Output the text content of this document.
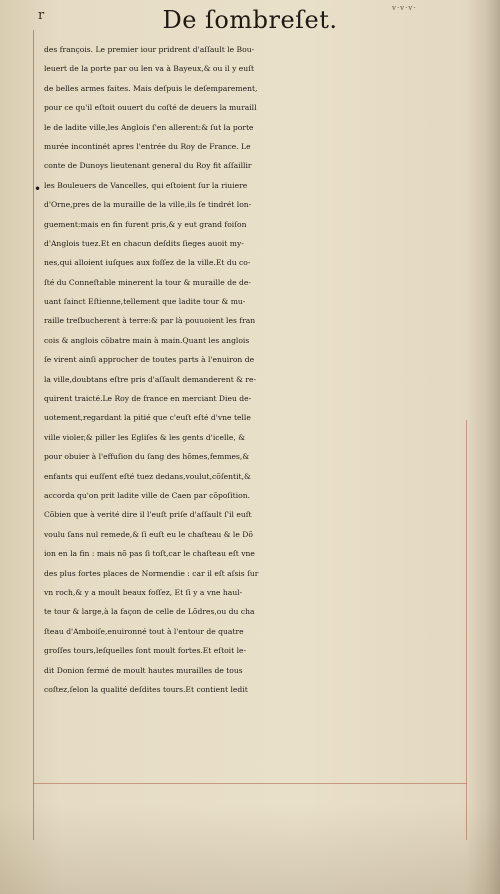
r	v·v·v·
De ſombreſet.
•
des françois. Le premier iour pridrent d'aſſault le Bou-
leuert de la porte par ou len va à Bayeux,& ou il y euſt
de belles armes faites. Mais deſpuis le deſemparement,
pour ce qu'il eſtoit ouuert du coſté de deuers la muraill
le de ladite ville,les Anglois ſ'en allerent:& ſut la porte
murée incontinét apres l'entrée du Roy de France. Le
conte de Dunoys lieutenant general du Roy fit aſſaillir
les Bouleuers de Vancelles, qui eſtoient ſur la riuiere
d'Orne,pres de la muraille de la ville,ils ſe tindrét lon-
guement:mais en fin furent pris,& y eut grand foiſon
d'Anglois tuez.Et en chacun deſdits ſieges auoit my-
nes,qui alloient iuſques aux foſſez de la ville.Et du co-
ſté du Conneſtable minerent la tour & muraille de de-
uant ſainct Eſtienne,tellement que ladite tour & mu-
raille treſbucherent à terre:& par là pouuoient les fran
cois & anglois cõbatre main à main.Quant les anglois
ſe virent ainſi approcher de toutes parts à l'enuiron de
la ville,doubtans eſtre pris d'aſſault demanderent & re-
quirent traicté.Le Roy de france en merciant Dieu de-
uotement,regardant la pitié que c'euſt eſté d'vne telle
ville violer,& piller les Egliſes & les gents d'icelle, &
pour obuier à l'effuſion du ſang des hõmes,femmes,&
enfants qui euſſent eſté tuez dedans,voulut,cõſentit,&
accorda qu'on prit ladite ville de Caen par cõpoſition.
Cõbien que à verité dire il l'euſt priſe d'aſſault ſ'il euſt
voulu ſans nul remede,& ſi euſt eu le chaſteau & le Dõ
ion en la fin : mais nõ pas ſi toſt,car le chaſteau eſt vne
des plus fortes places de Normendie : car il eſt aſsis ſur
vn roch,& y a moult beaux foſſez, Et ſi y a vne haul-
te tour & large,à la façon de celle de Lõdres,ou du cha
ſteau d'Amboiſe,enuironné tout à l'entour de quatre
groſſes tours,leſquelles ſont moult fortes.Et eſtoit le-
dit Donion fermé de moult hautes murailles de tous
coſtez,ſelon la qualité deſdites tours.Et contient ledit
